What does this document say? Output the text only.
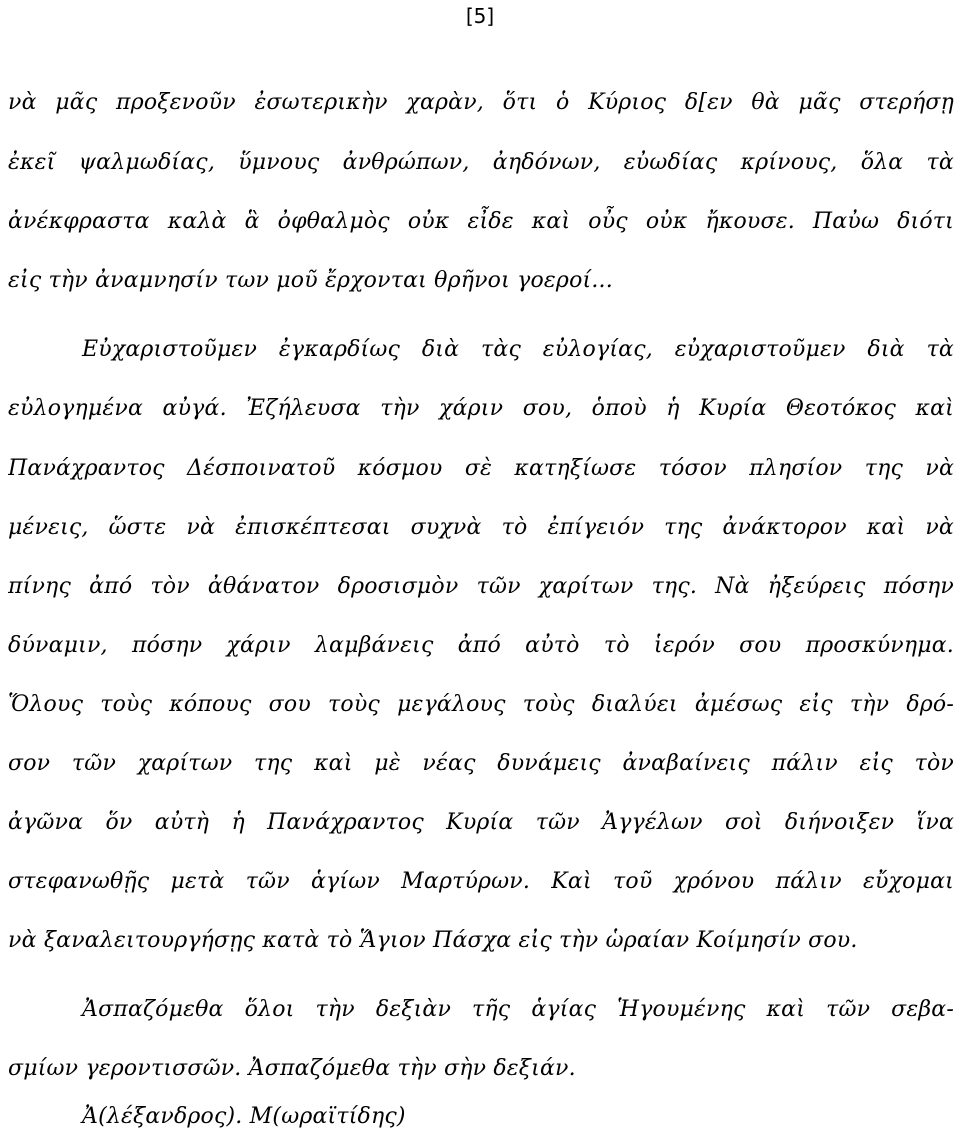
[5]
νὰ μᾶς προξενοῦν ἐσωτερικὴν χαρὰν, ὅτι ὁ Κύριος δ[εν θὰ μᾶς στερήσῃ
ἐκεῖ ψαλμωδίας, ὕμνους ἀνθρώπων, ἀηδόνων, εὐωδίας κρίνους, ὅλα τὰ
ἀνέκφραστα καλὰ ἃ ὀφθαλμὸς οὐκ εἶδε καὶ οὖς οὐκ ἤκουσε. Παὐω διότι
εἰς τὴν ἀναμνησίν των μοῦ ἔρχονται θρῆνοι γοεροί...
Εὐχαριστοῦμεν ἐγκαρδίως διὰ τὰς εὐλογίας, εὐχαριστοῦμεν διὰ τὰ
εὐλογημένα αὐγά. Ἐζήλευσα τὴν χάριν σου, ὁποὺ ἡ Κυρία Θεοτόκος καὶ
Πανάχραντος Δέσποινατοῦ κόσμου σὲ κατηξίωσε τόσον πλησίον της νὰ
μένεις, ὥστε νὰ ἐπισκέπτεσαι συχνὰ τὸ ἐπίγειόν της ἀνάκτορον καὶ νὰ
πίνης ἀπό τὸν ἀθάνατον δροσισμὸν τῶν χαρίτων της. Νὰ ἠξεύρεις πόσην
δύναμιν, πόσην χάριν λαμβάνεις ἀπό αὐτὸ τὸ ἱερόν σου προσκύνημα.
Ὅλους τοὺς κόπους σου τοὺς μεγάλους τοὺς διαλύει ἀμέσως εἰς τὴν δρό-
σον τῶν χαρίτων της καὶ μὲ νέας δυνάμεις ἀναβαίνεις πάλιν εἰς τὸν
ἀγῶνα ὅν αὐτὴ ἡ Πανάχραντος Κυρία τῶν Ἀγγέλων σοὶ διήνοιξεν ἵνα
στεφανωθῇς μετὰ τῶν ἁγίων Μαρτύρων. Καὶ τοῦ χρόνου πάλιν εὔχομαι
νὰ ξαναλειτουργήσῃς κατὰ τὸ Ἅγιον Πάσχα εἰς τὴν ὡραίαν Κοίμησίν σου.
Ἀσπαζόμεθα ὅλοι τὴν δεξιὰν τῆς ἁγίας Ἡγουμένης καὶ τῶν σεβα-
σμίων γεροντισσῶν. Ἀσπαζόμεθα τὴν σὴν δεξιάν.
Ἀ(λέξανδρος). Μ(ωραϊτίδης)
